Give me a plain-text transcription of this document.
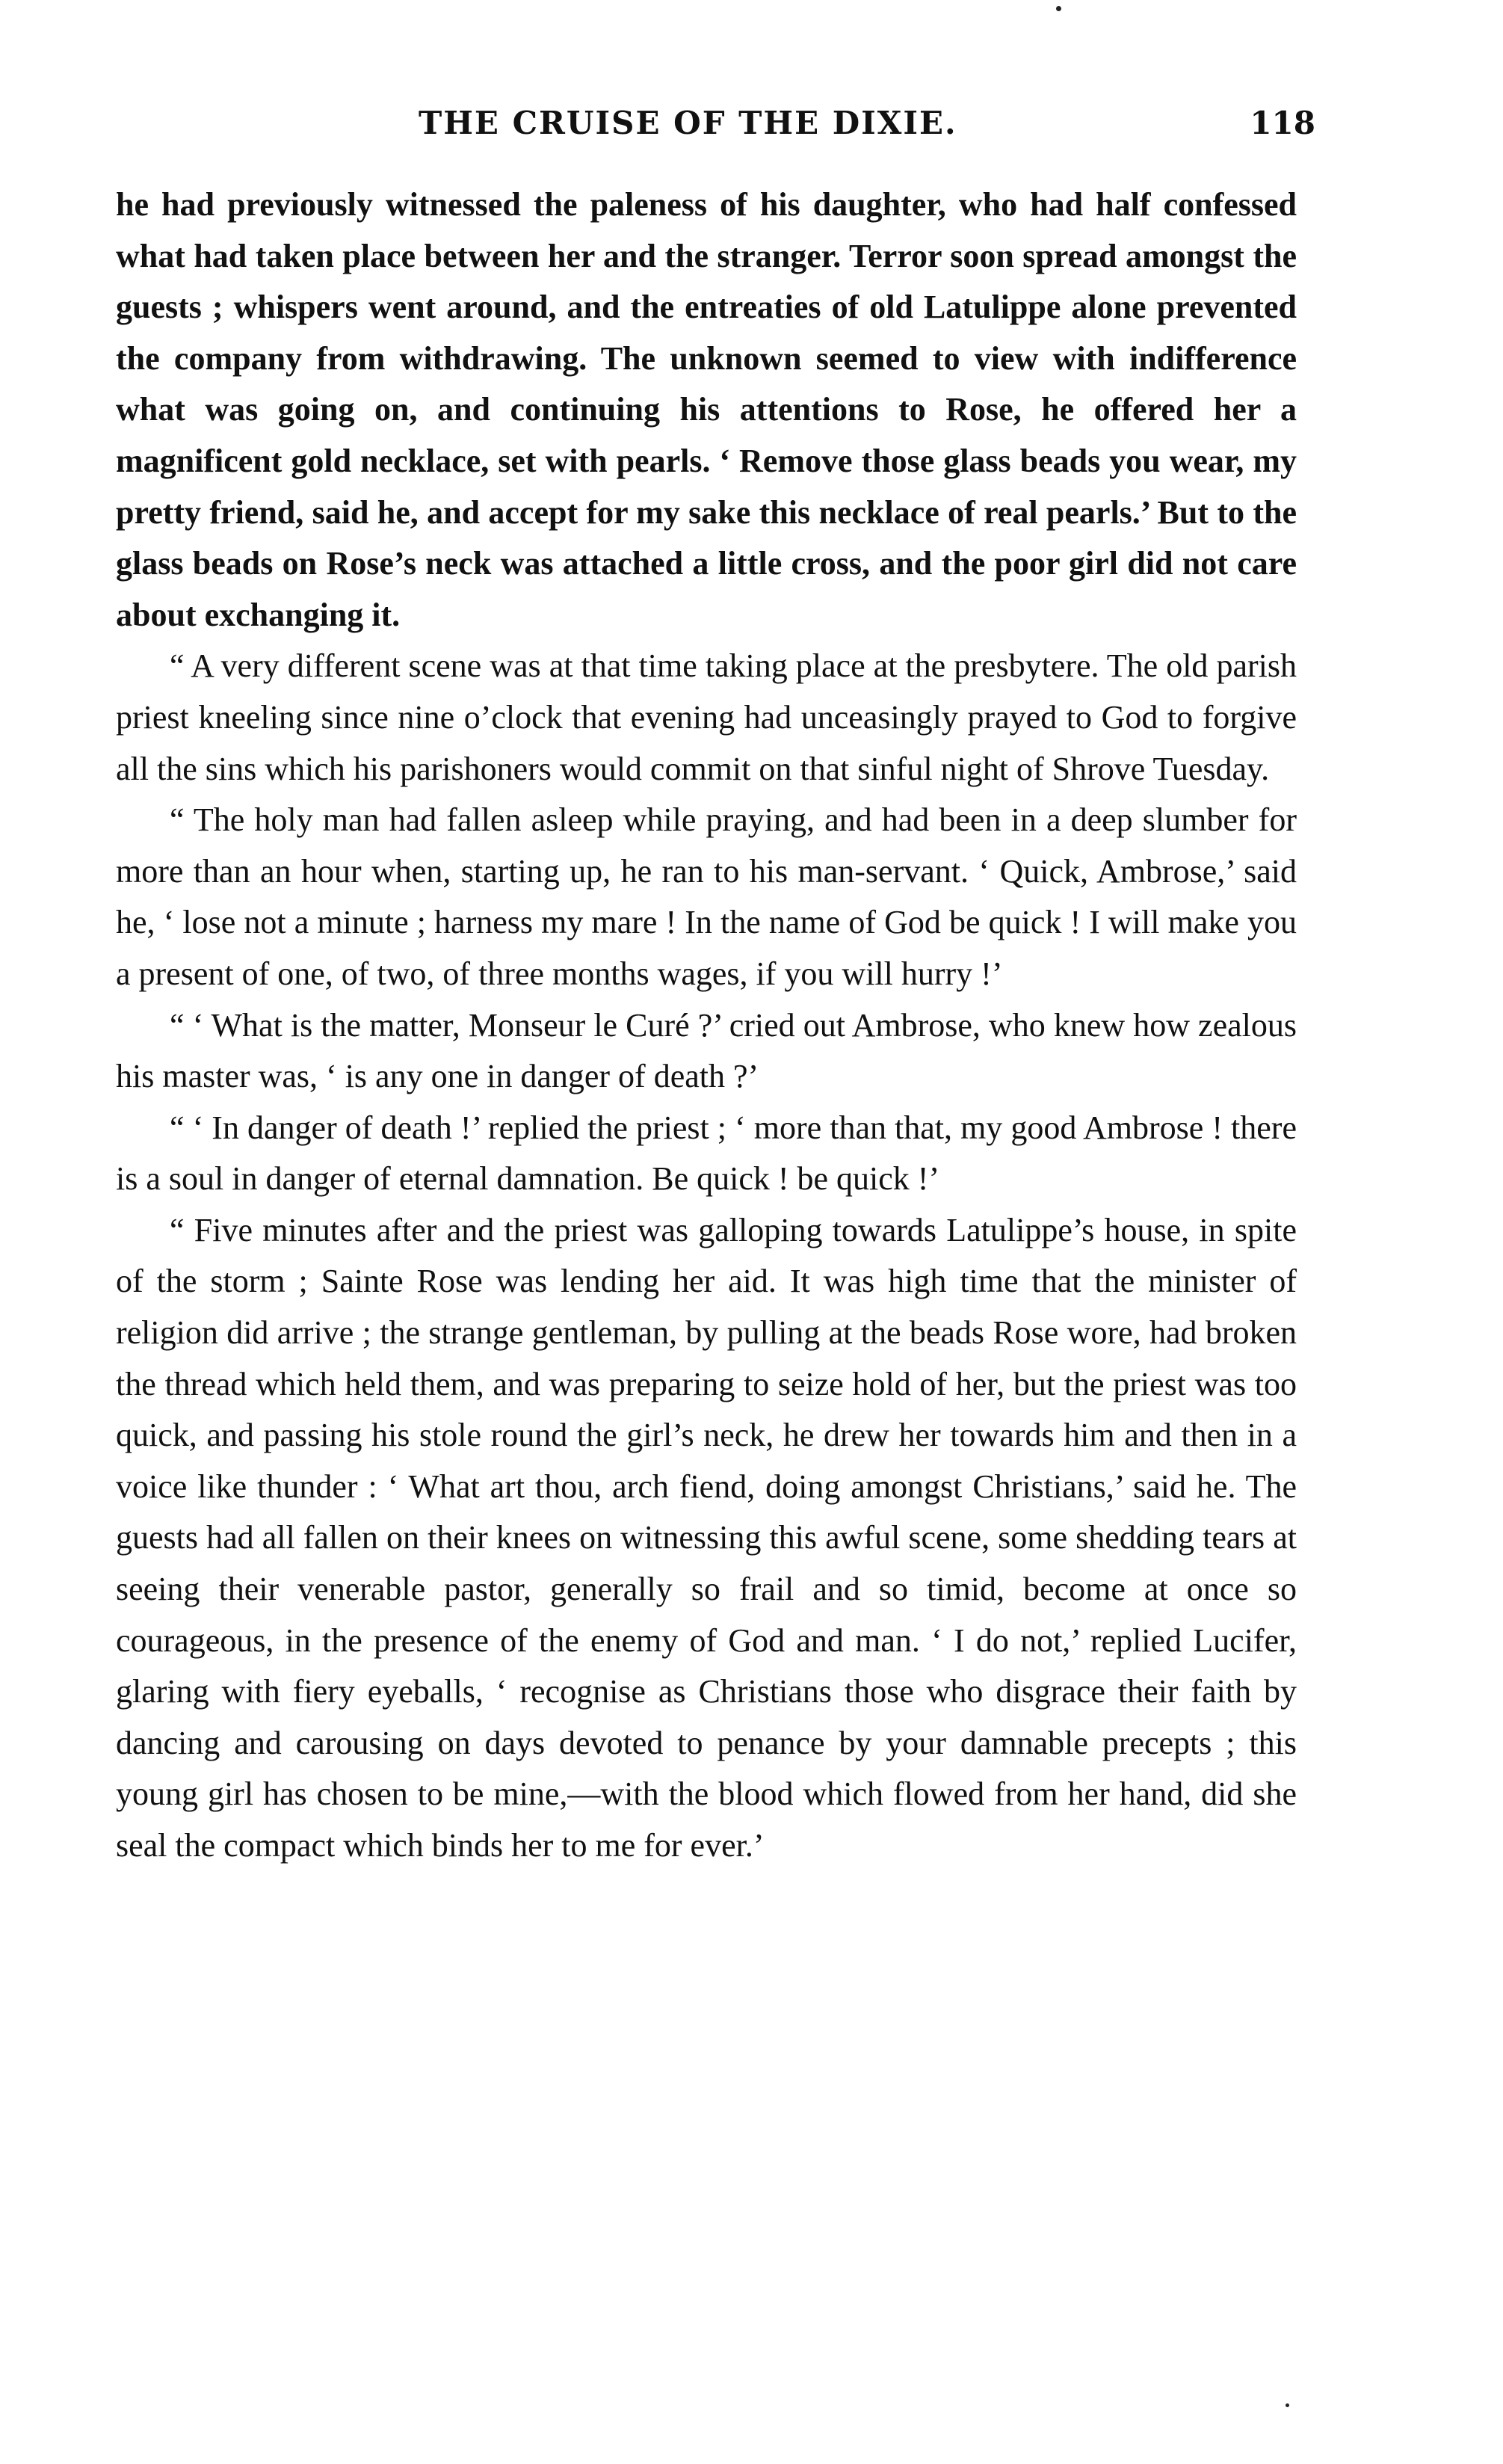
THE CRUISE OF THE DIXIE.	118

he had previously witnessed the paleness of his daughter, who had half confessed what had taken place between her and the stranger. Terror soon spread amongst the guests ; whispers went around, and the entreaties of old Latulippe alone prevented the company from withdrawing. The unknown seemed to view with indifference what was going on, and continuing his attentions to Rose, he offered her a magnificent gold necklace, set with pearls. ‘ Remove those glass beads you wear, my pretty friend, said he, and accept for my sake this necklace of real pearls.’ But to the glass beads on Rose’s neck was attached a little cross, and the poor girl did not care about exchanging it.

“ A very different scene was at that time taking place at the presbytere. The old parish priest kneeling since nine o’clock that evening had unceasingly prayed to God to forgive all the sins which his parishoners would commit on that sinful night of Shrove Tuesday.

“ The holy man had fallen asleep while praying, and had been in a deep slumber for more than an hour when, starting up, he ran to his man-servant. ‘ Quick, Ambrose,’ said he, ‘ lose not a minute ; harness my mare ! In the name of God be quick ! I will make you a present of one, of two, of three months wages, if you will hurry !’

“ ‘ What is the matter, Monseur le Curé ?’ cried out Ambrose, who knew how zealous his master was, ‘ is any one in danger of death ?’

“ ‘ In danger of death !’ replied the priest ; ‘ more than that, my good Ambrose ! there is a soul in danger of eternal damnation. Be quick ! be quick !’

“ Five minutes after and the priest was galloping towards Latulippe’s house, in spite of the storm ; Sainte Rose was lending her aid. It was high time that the minister of religion did arrive ; the strange gentleman, by pulling at the beads Rose wore, had broken the thread which held them, and was preparing to seize hold of her, but the priest was too quick, and passing his stole round the girl’s neck, he drew her towards him and then in a voice like thunder : ‘ What art thou, arch fiend, doing amongst Christians,’ said he. The guests had all fallen on their knees on witnessing this awful scene, some shedding tears at seeing their venerable pastor, generally so frail and so timid, become at once so courageous, in the presence of the enemy of God and man. ‘ I do not,’ replied Lucifer, glaring with fiery eyeballs, ‘ recognise as Christians those who disgrace their faith by dancing and carousing on days devoted to penance by your damnable precepts ; this young girl has chosen to be mine,—with the blood which flowed from her hand, did she seal the compact which binds her to me for ever.’
